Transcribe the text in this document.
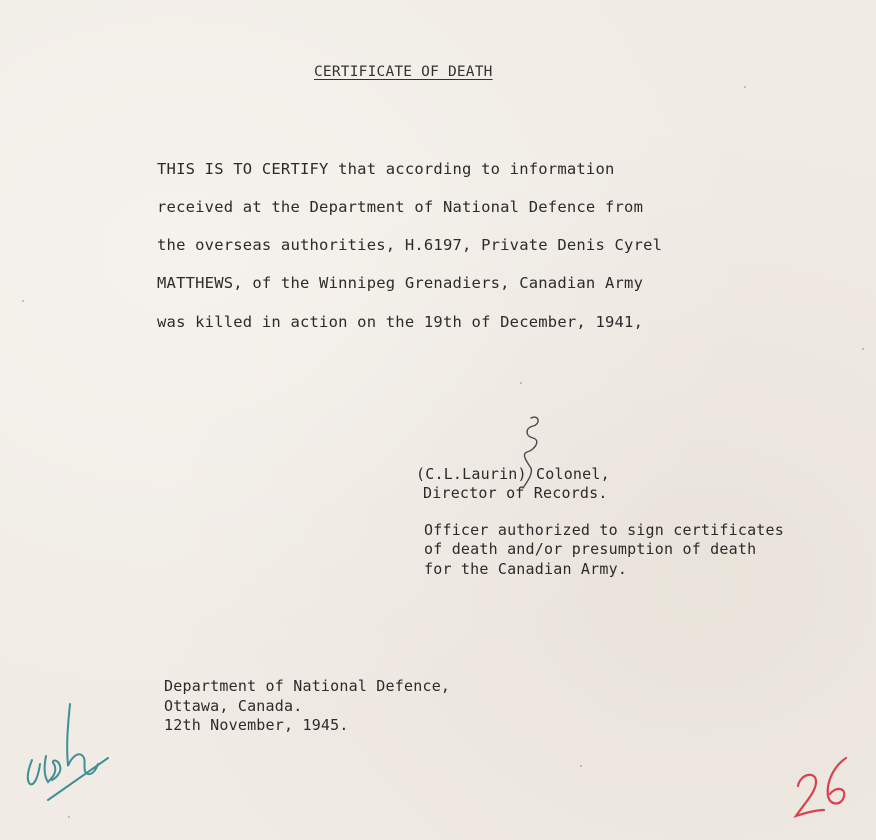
CERTIFICATE OF DEATH
THIS IS TO CERTIFY that according to information
received at the Department of National Defence from
the overseas authorities, H.6197, Private Denis Cyrel
MATTHEWS, of the Winnipeg Grenadiers, Canadian Army
was killed in action on the 19th of December, 1941,
(C.L.Laurin) Colonel,
Director of Records.
Officer authorized to sign certificates
of death and/or presumption of death
for the Canadian Army.
Department of National Defence,
Ottawa, Canada.
12th November, 1945.
